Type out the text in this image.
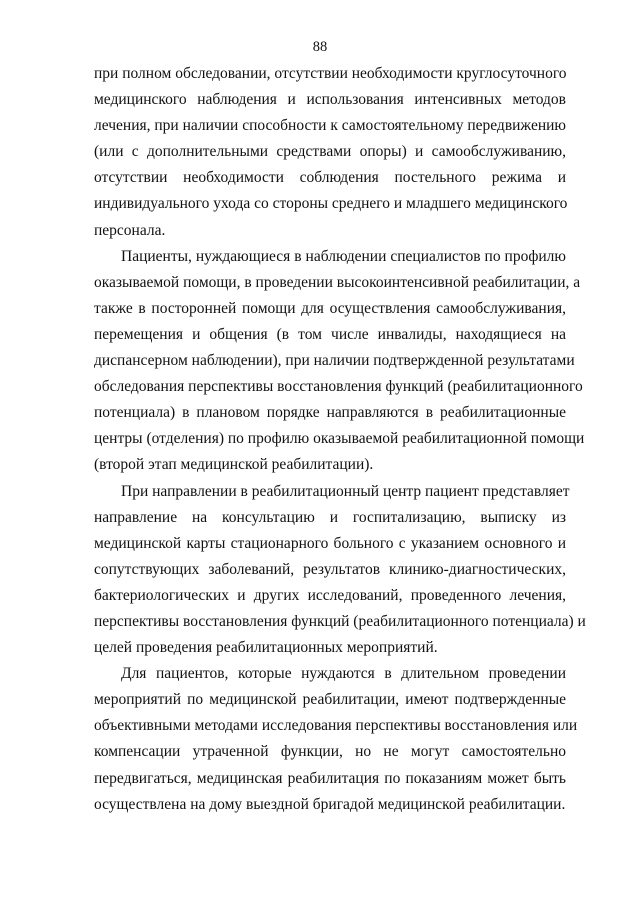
88
при полном обследовании, отсутствии необходимости круглосуточного
медицинского наблюдения и использования интенсивных методов
лечения, при наличии способности к самостоятельному передвижению
(или с дополнительными средствами опоры) и самообслуживанию,
отсутствии необходимости соблюдения постельного режима и
индивидуального ухода со стороны среднего и младшего медицинского
персонала.
Пациенты, нуждающиеся в наблюдении специалистов по профилю
оказываемой помощи, в проведении высокоинтенсивной реабилитации, а
также в посторонней помощи для осуществления самообслуживания,
перемещения и общения (в том числе инвалиды, находящиеся на
диспансерном наблюдении), при наличии подтвержденной результатами
обследования перспективы восстановления функций (реабилитационного
потенциала) в плановом порядке направляются в реабилитационные
центры (отделения) по профилю оказываемой реабилитационной помощи
(второй этап медицинской реабилитации).
При направлении в реабилитационный центр пациент представляет
направление на консультацию и госпитализацию, выписку из
медицинской карты стационарного больного с указанием основного и
сопутствующих заболеваний, результатов клинико-диагностических,
бактериологических и других исследований, проведенного лечения,
перспективы восстановления функций (реабилитационного потенциала) и
целей проведения реабилитационных мероприятий.
Для пациентов, которые нуждаются в длительном проведении
мероприятий по медицинской реабилитации, имеют подтвержденные
объективными методами исследования перспективы восстановления или
компенсации утраченной функции, но не могут самостоятельно
передвигаться, медицинская реабилитация по показаниям может быть
осуществлена на дому выездной бригадой медицинской реабилитации.
